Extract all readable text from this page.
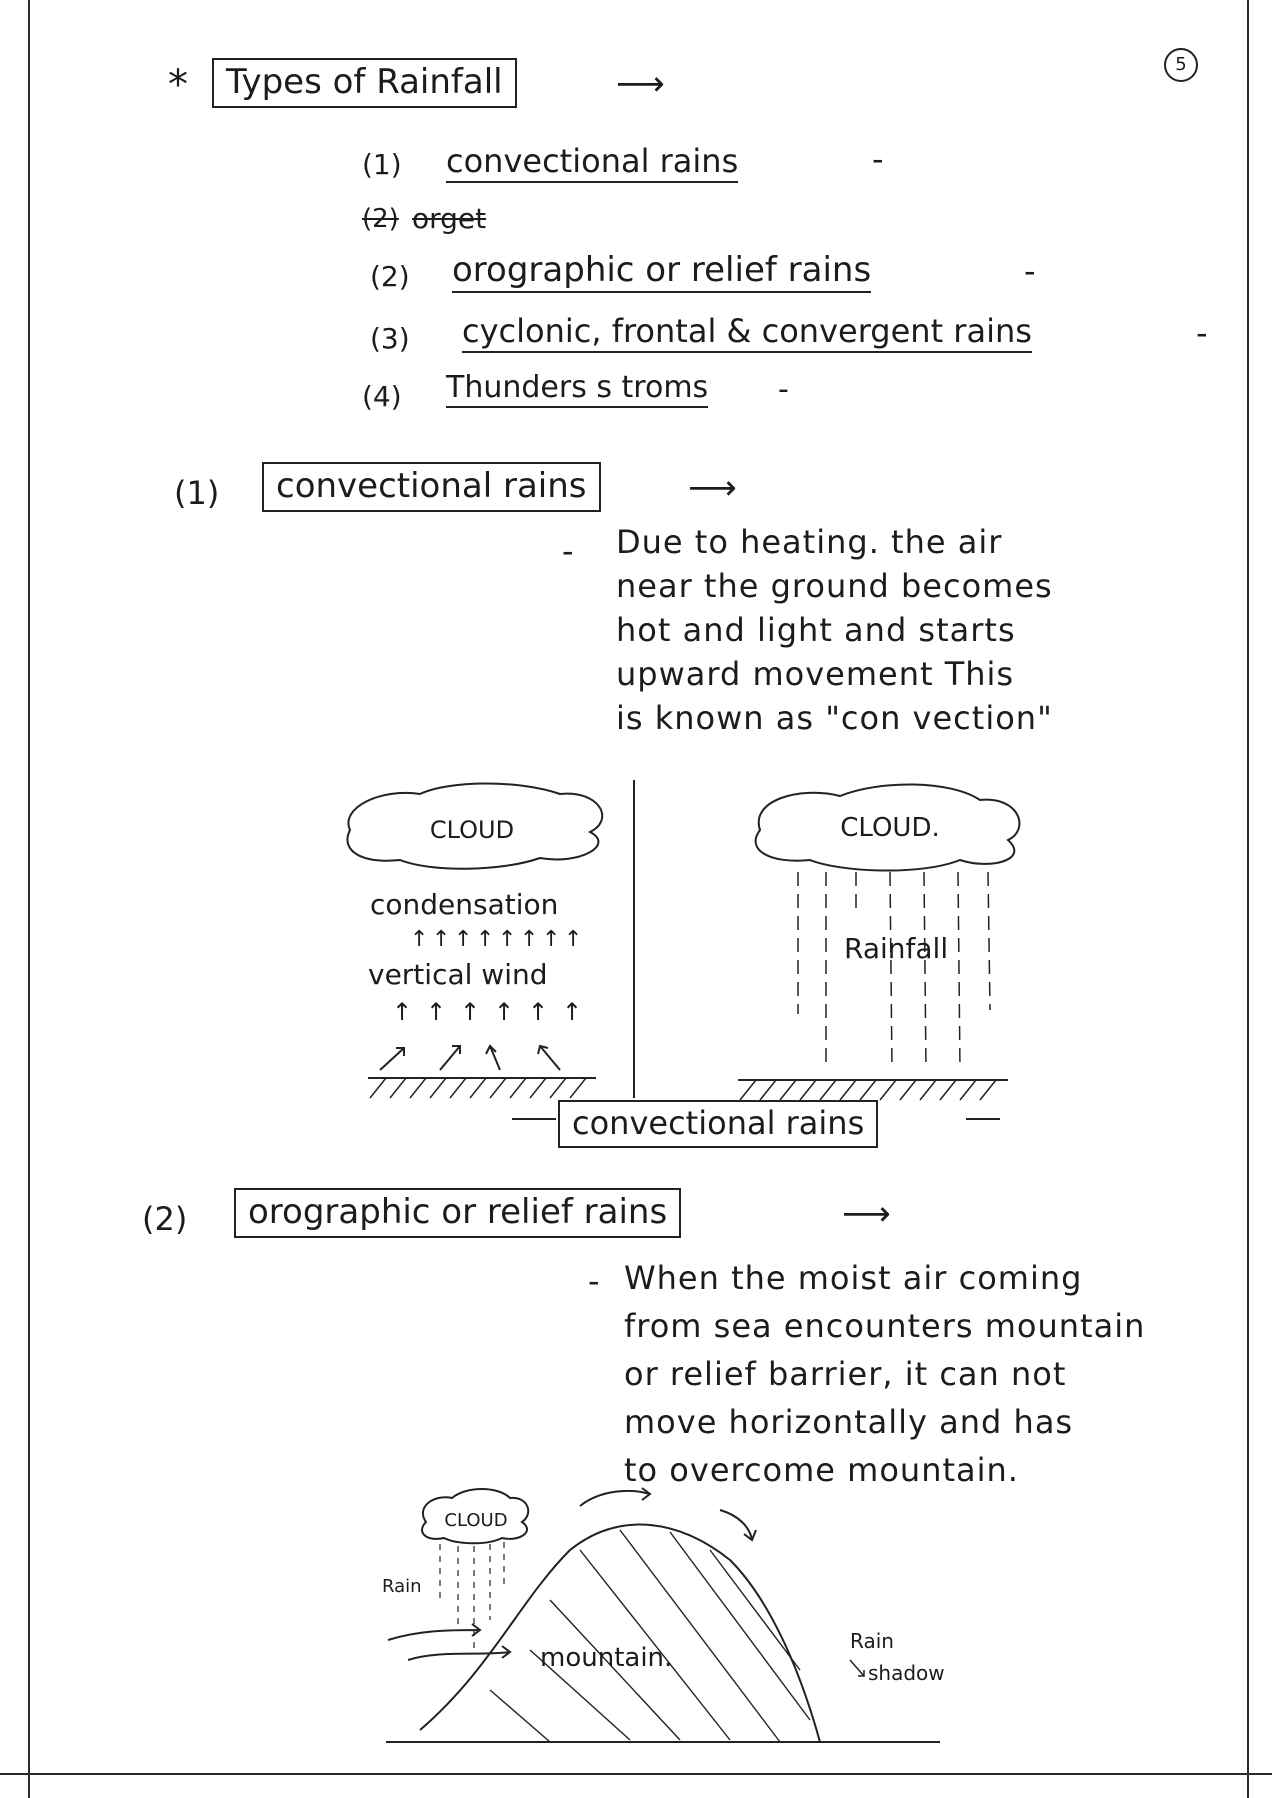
5
*	Types of Rainfall	⟶
(1) convectional rains	-
(2) orget
(2) orographic or relief rains	-
(3) cyclonic, frontal & convergent rains	-
(4) Thunders s troms -
(1)	convectional rains	⟶
- Due to heating. the air
near the ground becomes
hot and light and starts
upward movement This
is known as "con vection"
CLOUD
condensation
↑ ↑ ↑ ↑ ↑ ↑ ↑ ↑
vertical wind
↑ ↑ ↑ ↑ ↑ ↑
CLOUD.
Rainfall
convectional rains
(2)	orographic or relief rains	⟶
- When the moist air coming
from sea encounters mountain
or relief barrier, it can not
move horizontally and has
to overcome mountain.
CLOUD
Rain
mountain.
Rain
shadow
